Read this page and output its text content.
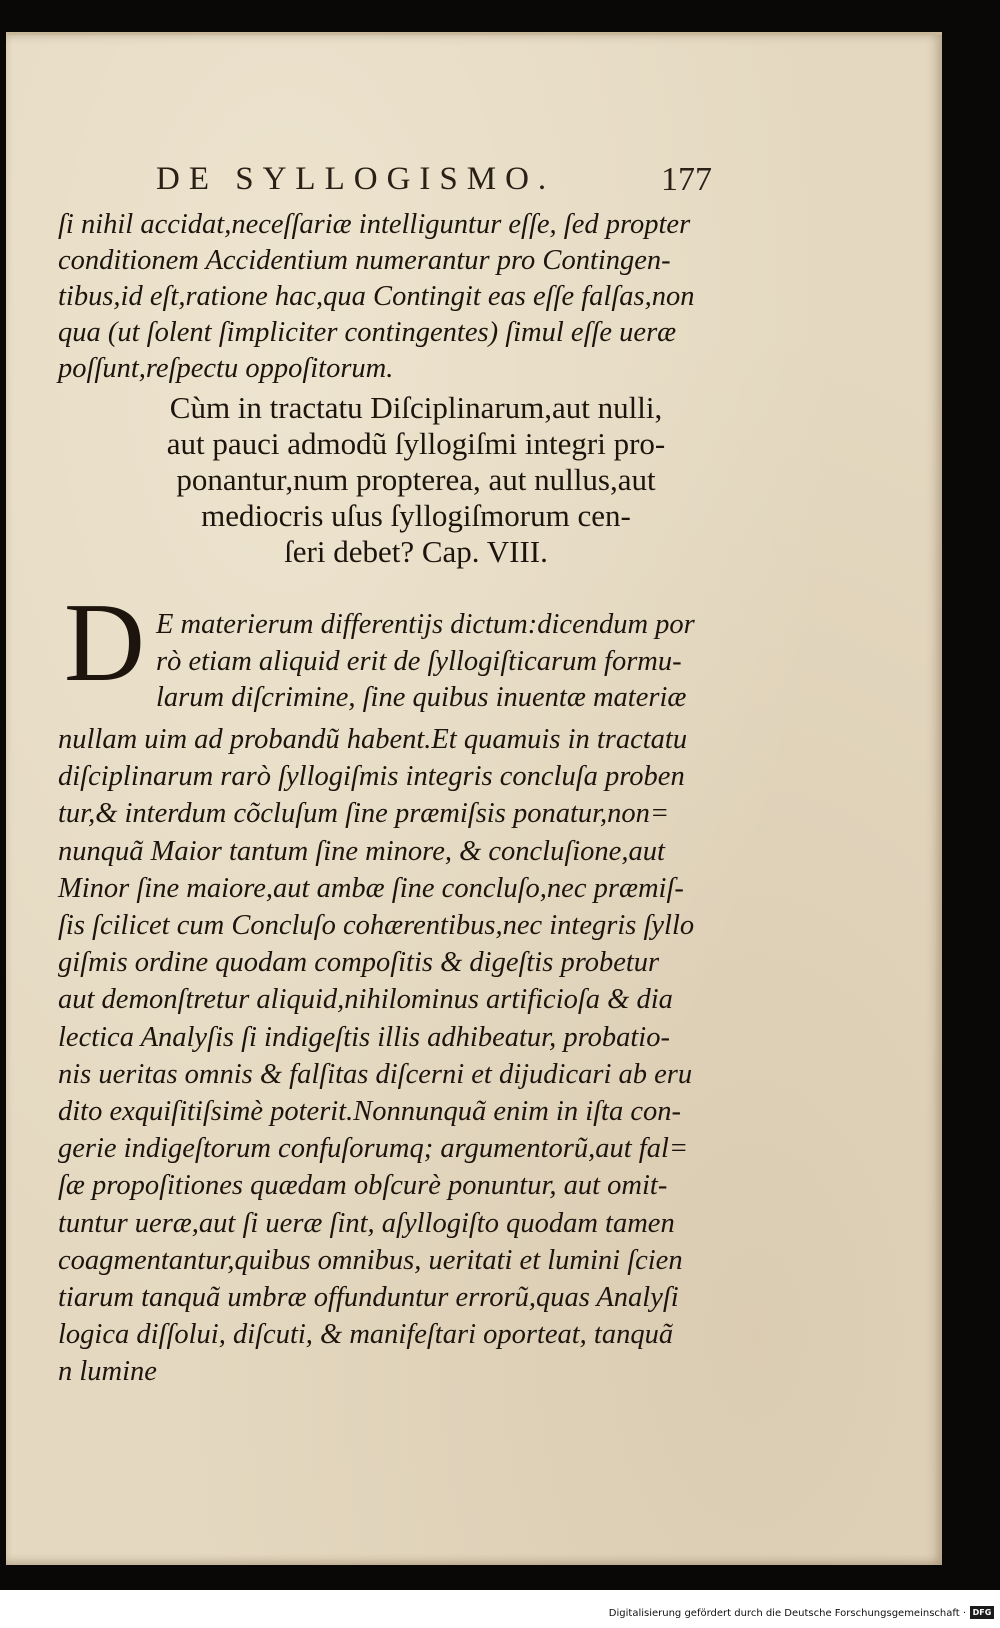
DE SYLLOGISMO.	177
ſi nihil accidat,neceſſariæ intelliguntur eſſe, ſed propter
conditionem Accidentium numerantur pro Contingen-
tibus,id eſt,ratione hac,qua Contingit eas eſſe falſas,non
qua (ut ſolent ſimpliciter contingentes) ſimul eſſe ueræ
poſſunt,reſpectu oppoſitorum.
Cùm in tractatu Diſciplinarum,aut nulli,
aut pauci admodũ ſyllogiſmi integri pro-
ponantur,num propterea, aut nullus,aut
mediocris uſus ſyllogiſmorum cen-
ſeri debet? Cap. VIII.
D E materierum differentijs dictum:dicendum por
rò etiam aliquid erit de ſyllogiſticarum formu-
larum diſcrimine, ſine quibus inuentæ materiæ
nullam uim ad probandũ habent.Et quamuis in tractatu
diſciplinarum rarò ſyllogiſmis integris concluſa proben
tur,& interdum cõcluſum ſine præmiſsis ponatur,non=
nunquã Maior tantum ſine minore, & concluſione,aut
Minor ſine maiore,aut ambæ ſine concluſo,nec præmiſ-
ſis ſcilicet cum Concluſo cohærentibus,nec integris ſyllo
giſmis ordine quodam compoſitis & digeſtis probetur
aut demonſtretur aliquid,nihilominus artificioſa & dia
lectica Analyſis ſi indigeſtis illis adhibeatur, probatio-
nis ueritas omnis & falſitas diſcerni et dijudicari ab eru
dito exquiſitiſsimè poterit.Nonnunquã enim in iſta con-
gerie indigeſtorum confuſorumq; argumentorũ,aut fal=
ſæ propoſitiones quædam obſcurè ponuntur, aut omit-
tuntur ueræ,aut ſi ueræ ſint, aſyllogiſto quodam tamen
coagmentantur,quibus omnibus, ueritati et lumini ſcien
tiarum tanquã umbræ offunduntur errorũ,quas Analyſi
logica diſſolui, diſcuti, & manifeſtari oporteat, tanquã
n lumine
Digitalisierung gefördert durch die Deutsche Forschungsgemeinschaft · DFG
